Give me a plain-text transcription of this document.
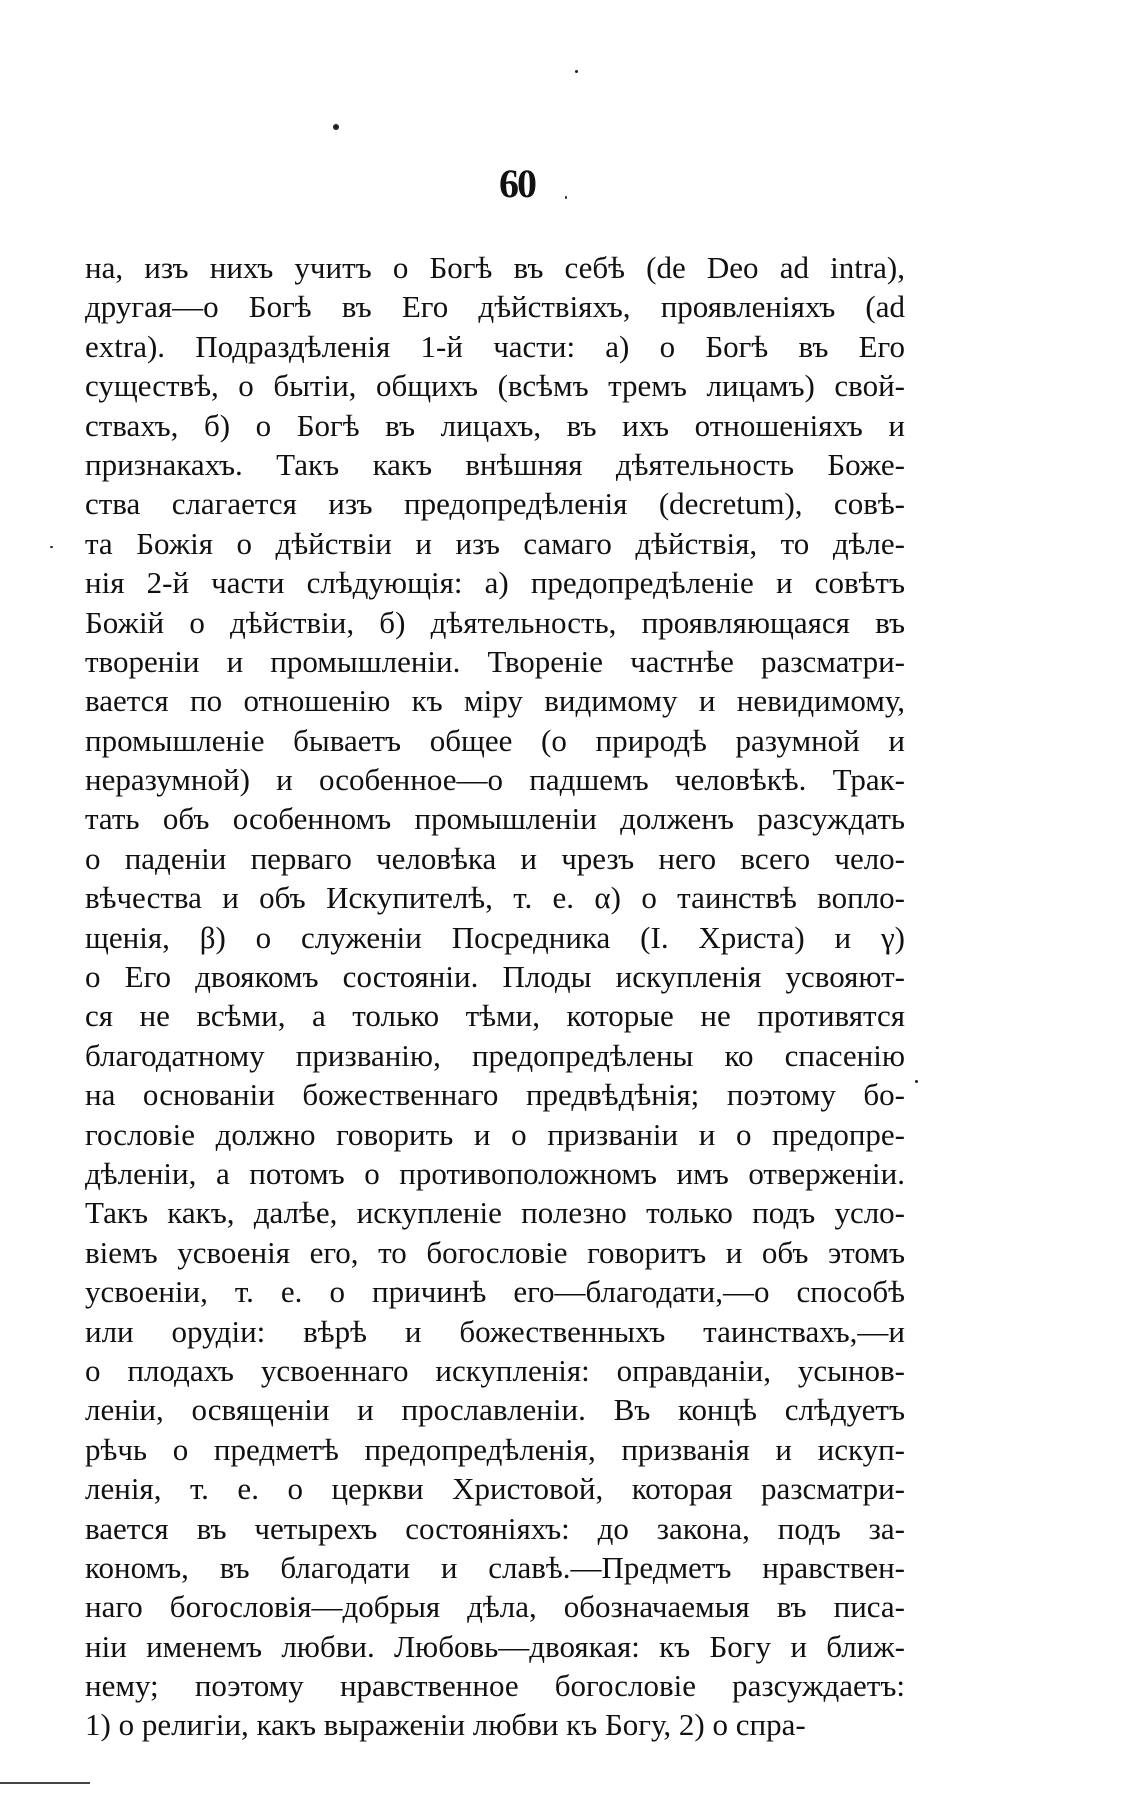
60
на, изъ нихъ учитъ о Богѣ въ себѣ (de Deo ad intra),
другая—о Богѣ въ Его дѣйствіяхъ, проявленіяхъ (ad
extra). Подраздѣленія 1-й части: а) о Богѣ въ Его
существѣ, о бытіи, общихъ (всѣмъ тремъ лицамъ) свой-
ствахъ, б) о Богѣ въ лицахъ, въ ихъ отношеніяхъ и
признакахъ. Такъ какъ внѣшняя дѣятельность Боже-
ства слагается изъ предопредѣленія (decretum), совѣ-
та Божія о дѣйствіи и изъ самаго дѣйствія, то дѣле-
нія 2-й части слѣдующія: а) предопредѣленіе и совѣтъ
Божій о дѣйствіи, б) дѣятельность, проявляющаяся въ
твореніи и промышленіи. Твореніе частнѣе разсматри-
вается по отношенію къ міру видимому и невидимому,
промышленіе бываетъ общее (о природѣ разумной и
неразумной) и особенное—о падшемъ человѣкѣ. Трак-
тать объ особенномъ промышленіи долженъ разсуждать
о паденіи перваго человѣка и чрезъ него всего чело-
вѣчества и объ Искупителѣ, т. е. α) о таинствѣ вопло-
щенія, β) о служеніи Посредника (І. Христа) и γ)
о Его двоякомъ состояніи. Плоды искупленія усвояют-
ся не всѣми, а только тѣми, которые не противятся
благодатному призванію, предопредѣлены ко спасенію
на основаніи божественнаго предвѣдѣнія; поэтому бо-
гословіе должно говорить и о призваніи и о предопре-
дѣленіи, а потомъ о противоположномъ имъ отверженіи.
Такъ какъ, далѣе, искупленіе полезно только подъ усло-
віемъ усвоенія его, то богословіе говоритъ и объ этомъ
усвоеніи, т. е. о причинѣ его—благодати,—о способѣ
или орудіи: вѣрѣ и божественныхъ таинствахъ,—и
о плодахъ усвоеннаго искупленія: оправданіи, усынов-
леніи, освященіи и прославленіи. Въ концѣ слѣдуетъ
рѣчь о предметѣ предопредѣленія, призванія и искуп-
ленія, т. е. о церкви Христовой, которая разсматри-
вается въ четырехъ состояніяхъ: до закона, подъ за-
кономъ, въ благодати и славѣ.—Предметъ нравствен-
наго богословія—добрыя дѣла, обозначаемыя въ писа-
ніи именемъ любви. Любовь—двоякая: къ Богу и ближ-
нему; поэтому нравственное богословіе разсуждаетъ:
1) о религіи, какъ выраженіи любви къ Богу, 2) о спра-
